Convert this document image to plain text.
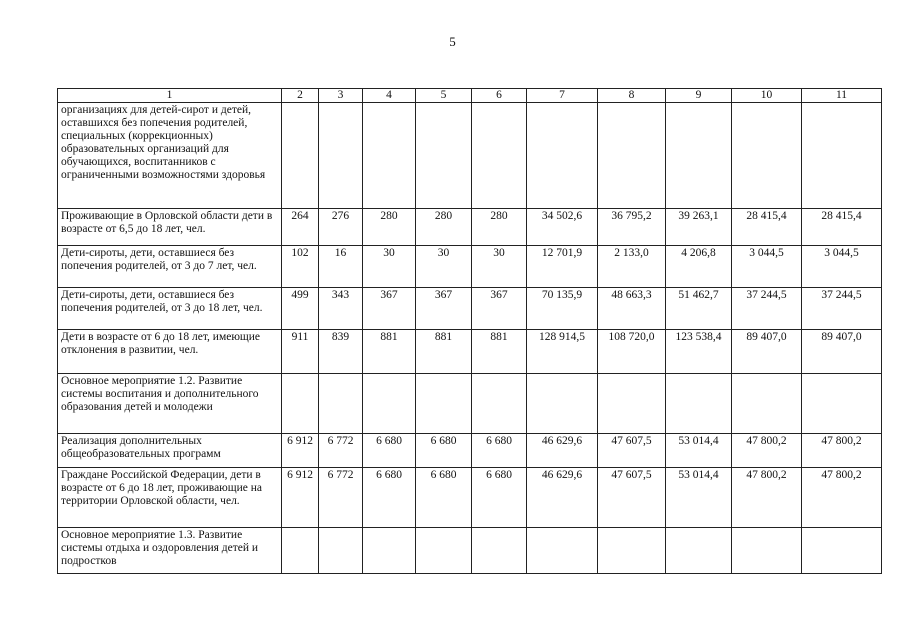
5
1	2	3	4	5	6	7	8	9	10	11
организациях для детей-сирот и детей, оставшихся без попечения родителей, специальных (коррекционных) образовательных организаций для обучающихся, воспитанников с ограниченными возможностями здоровья										
Проживающие в Орловской области дети в возрасте от 6,5 до 18 лет, чел.	264	276	280	280	280	34 502,6	36 795,2	39 263,1	28 415,4	28 415,4
Дети-сироты, дети, оставшиеся без попечения родителей, от 3 до 7 лет, чел.	102	16	30	30	30	12 701,9	2 133,0	4 206,8	3 044,5	3 044,5
Дети-сироты, дети, оставшиеся без попечения родителей, от 3 до 18 лет, чел.	499	343	367	367	367	70 135,9	48 663,3	51 462,7	37 244,5	37 244,5
Дети в возрасте от 6 до 18 лет, имеющие отклонения в развитии, чел.	911	839	881	881	881	128 914,5	108 720,0	123 538,4	89 407,0	89 407,0
Основное мероприятие 1.2. Развитие системы воспитания и дополнительного образования детей и молодежи										
Реализация дополнительных общеобразовательных программ	6 912	6 772	6 680	6 680	6 680	46 629,6	47 607,5	53 014,4	47 800,2	47 800,2
Граждане Российской Федерации, дети в возрасте от 6 до 18 лет, проживающие на территории Орловской области, чел.	6 912	6 772	6 680	6 680	6 680	46 629,6	47 607,5	53 014,4	47 800,2	47 800,2
Основное мероприятие 1.3. Развитие системы отдыха и оздоровления детей и подростков										
